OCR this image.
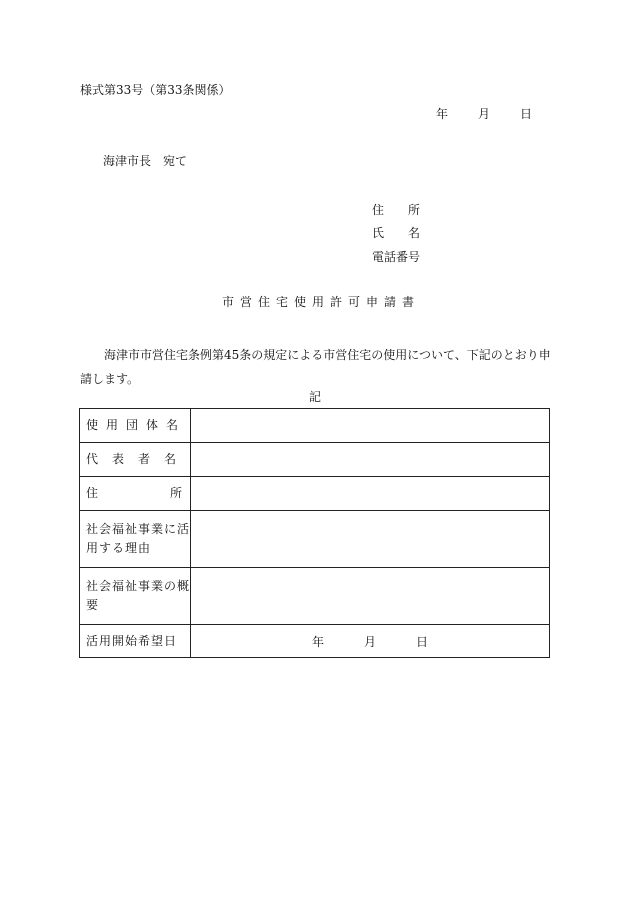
様式第33号（第33条関係）
年	月	日
海津市長　宛て
住　　所
氏　　名
電話番号
市営住宅使用許可申請書
海津市市営住宅条例第45条の規定による市営住宅の使用について、下記のとおり申請します。
記
使用団体名	
代表者名	

住 所	

社会福祉事業に活用する理由	
社会福祉事業の概要	
活用開始希望日	年 月 日
